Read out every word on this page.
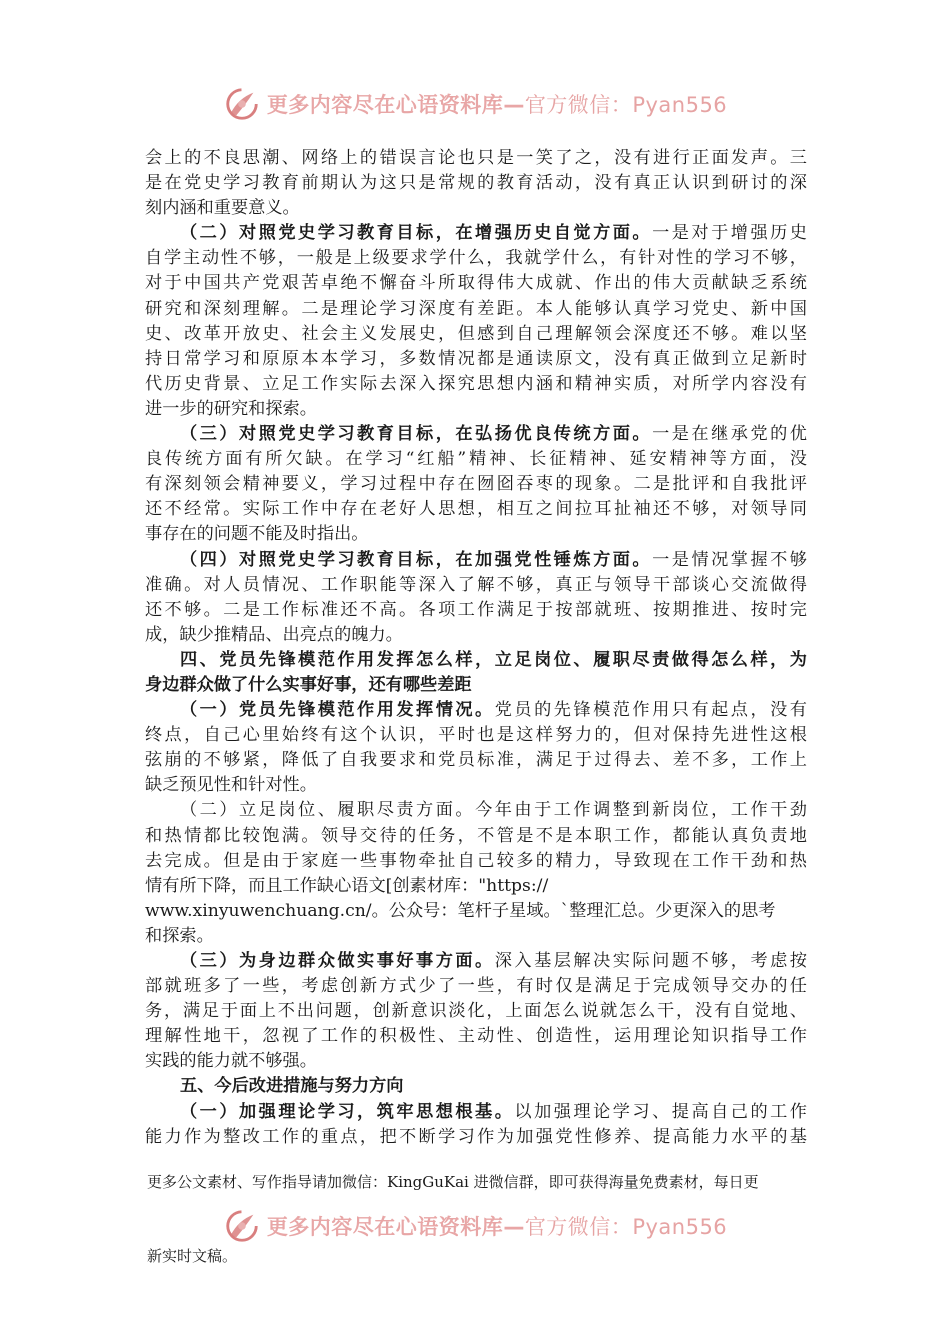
更多内容尽在心语资料库—官方微信：Pyan556
会上的不良思潮、网络上的错误言论也只是一笑了之，没有进行正面发声。三
是在党史学习教育前期认为这只是常规的教育活动，没有真正认识到研讨的深
刻内涵和重要意义。
（二）对照党史学习教育目标，在增强历史自觉方面。一是对于增强历史
自学主动性不够，一般是上级要求学什么，我就学什么，有针对性的学习不够，
对于中国共产党艰苦卓绝不懈奋斗所取得伟大成就、作出的伟大贡献缺乏系统
研究和深刻理解。二是理论学习深度有差距。本人能够认真学习党史、新中国
史、改革开放史、社会主义发展史，但感到自己理解领会深度还不够。难以坚
持日常学习和原原本本学习，多数情况都是通读原文，没有真正做到立足新时
代历史背景、立足工作实际去深入探究思想内涵和精神实质，对所学内容没有
进一步的研究和探索。
（三）对照党史学习教育目标，在弘扬优良传统方面。一是在继承党的优
良传统方面有所欠缺。在学习“红船”精神、长征精神、延安精神等方面，没
有深刻领会精神要义，学习过程中存在囫囵吞枣的现象。二是批评和自我批评
还不经常。实际工作中存在老好人思想，相互之间拉耳扯袖还不够，对领导同
事存在的问题不能及时指出。
（四）对照党史学习教育目标，在加强党性锤炼方面。一是情况掌握不够
准确。对人员情况、工作职能等深入了解不够，真正与领导干部谈心交流做得
还不够。二是工作标准还不高。各项工作满足于按部就班、按期推进、按时完
成，缺少推精品、出亮点的魄力。
四、党员先锋模范作用发挥怎么样，立足岗位、履职尽责做得怎么样，为
身边群众做了什么实事好事，还有哪些差距
（一）党员先锋模范作用发挥情况。党员的先锋模范作用只有起点，没有
终点，自己心里始终有这个认识，平时也是这样努力的，但对保持先进性这根
弦崩的不够紧，降低了自我要求和党员标准，满足于过得去、差不多，工作上
缺乏预见性和针对性。
（二）立足岗位、履职尽责方面。今年由于工作调整到新岗位，工作干劲
和热情都比较饱满。领导交待的任务，不管是不是本职工作，都能认真负责地
去完成。但是由于家庭一些事物牵扯自己较多的精力，导致现在工作干劲和热
情有所下降，而且工作缺心语文[创素材库："https://
www.xinyuwenchuang.cn/。公众号：笔杆子星域。`整理汇总。少更深入的思考
和探索。
（三）为身边群众做实事好事方面。深入基层解决实际问题不够，考虑按
部就班多了一些，考虑创新方式少了一些，有时仅是满足于完成领导交办的任
务，满足于面上不出问题，创新意识淡化，上面怎么说就怎么干，没有自觉地、
理解性地干，忽视了工作的积极性、主动性、创造性，运用理论知识指导工作
实践的能力就不够强。
五、今后改进措施与努力方向
（一）加强理论学习，筑牢思想根基。以加强理论学习、提高自己的工作
能力作为整改工作的重点，把不断学习作为加强党性修养、提高能力水平的基
更多公文素材、写作指导请加微信：KingGuKai 进微信群，即可获得海量免费素材，每日更
更多内容尽在心语资料库—官方微信：Pyan556
新实时文稿。
